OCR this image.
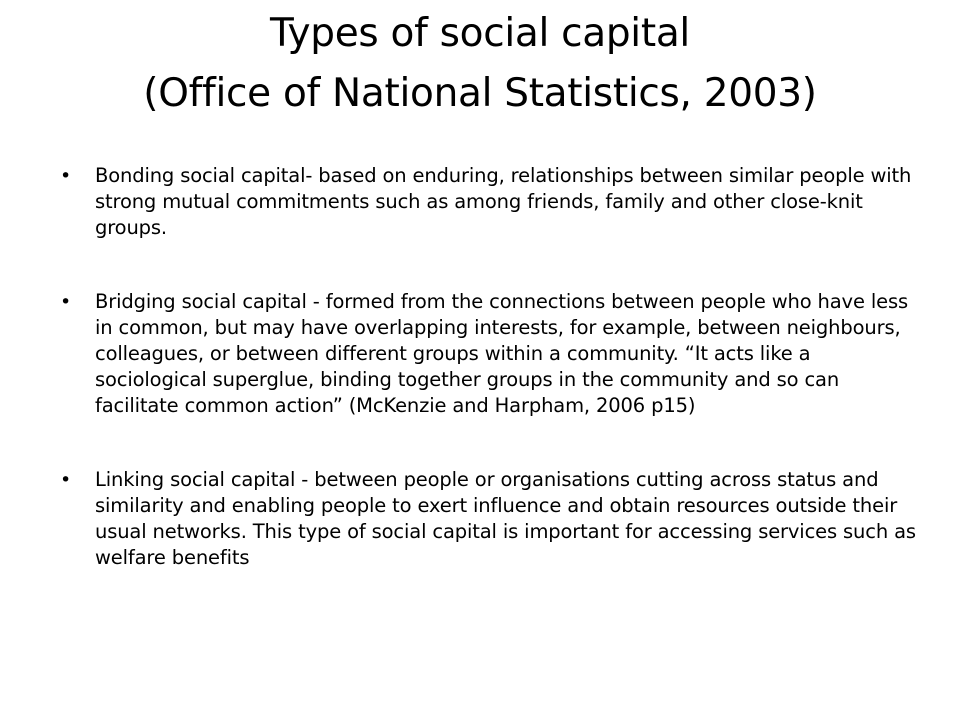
Types of social capital
(Office of National Statistics, 2003)
•	Bonding social capital- based on enduring, relationships between similar people with strong mutual commitments such as among friends, family and other close-knit groups.
•	Bridging social capital - formed from the connections between people who have less in common, but may have overlapping interests, for example, between neighbours, colleagues, or between different groups within a community. “It acts like a sociological superglue, binding together groups in the community and so can facilitate common action” (McKenzie and Harpham, 2006 p15)
•	Linking social capital - between people or organisations cutting across status and similarity and enabling people to exert influence and obtain resources outside their usual networks. This type of social capital is important for accessing services such as welfare benefits
